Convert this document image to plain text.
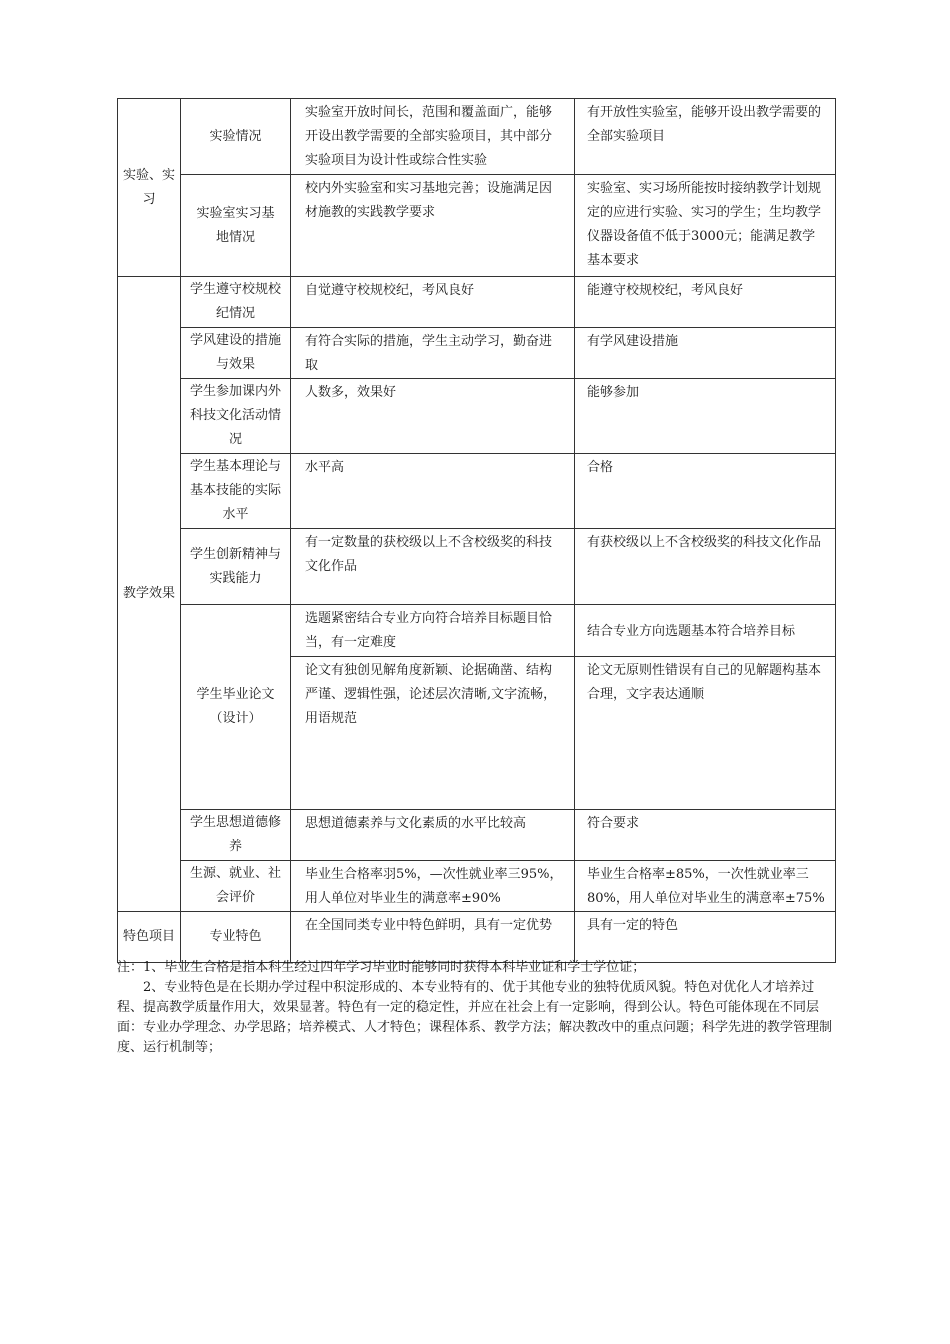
实验、实习	实验情况	实验室开放时间长，范围和覆盖面广，能够开设出教学需要的全部实验项目，其中部分实验项目为设计性或综合性实验	有开放性实验室，能够开设出教学需要的全部实验项目
	实验室实习基地情况	校内外实验室和实习基地完善；设施满足因材施教的实践教学要求	实验室、实习场所能按时接纳教学计划规定的应进行实验、实习的学生；生均教学仪器设备值不低于3000元；能满足教学基本要求
教学效果	学生遵守校规校纪情况	自觉遵守校规校纪，考风良好	能遵守校规校纪，考风良好
	学风建设的措施与效果	有符合实际的措施，学生主动学习，勤奋进取	有学风建设措施
	学生参加课内外科技文化活动情况	人数多，效果好	能够参加
	学生基本理论与基本技能的实际水平	水平高	合格
	学生创新精神与实践能力	有一定数量的获校级以上不含校级奖的科技文化作品	有获校级以上不含校级奖的科技文化作品
	学生毕业论文（设计）	选题紧密结合专业方向符合培养目标题目恰当，有一定难度	结合专业方向选题基本符合培养目标
		论文有独创见解角度新颖、论据确凿、结构严谨、逻辑性强，论述层次清晰,文字流畅，用语规范	论文无原则性错误有自己的见解题构基本合理，文字表达通顺
	学生思想道德修养	思想道德素养与文化素质的水平比较高	符合要求
	生源、就业、社会评价	毕业生合格率羽5%，—次性就业率三95%，用人单位对毕业生的满意率±90%	毕业生合格率±85%，一次性就业率三80%，用人单位对毕业生的满意率±75%
特色项目	专业特色	在全国同类专业中特色鲜明，具有一定优势	具有一定的特色

注：1、毕业生合格是指本科生经过四年学习毕业时能够同时获得本科毕业证和学士学位证；

2、专业特色是在长期办学过程中积淀形成的、本专业特有的、优于其他专业的独特优质风貌。特色对优化人才培养过程、提高教学质量作用大，效果显著。特色有一定的稳定性，并应在社会上有一定影响，得到公认。特色可能体现在不同层面：专业办学理念、办学思路；培养模式、人才特色；课程体系、教学方法；解决教改中的重点问题；科学先进的教学管理制度、运行机制等；
